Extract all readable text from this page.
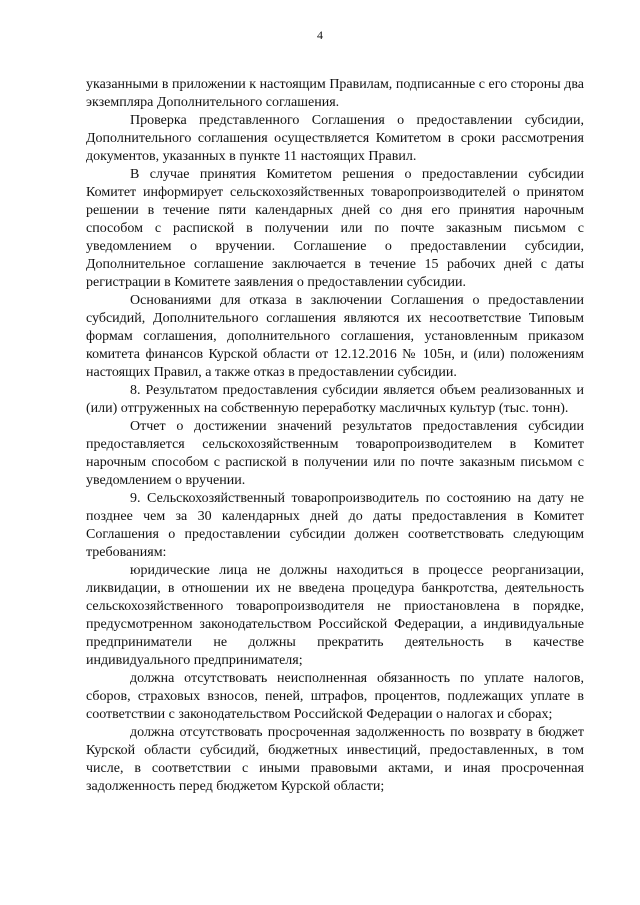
4

указанными в приложении к настоящим Правилам, подписанные с его стороны два экземпляра Дополнительного соглашения.

Проверка представленного Соглашения о предоставлении субсидии, Дополнительного соглашения осуществляется Комитетом в сроки рассмотрения документов, указанных в пункте 11 настоящих Правил.

В случае принятия Комитетом решения о предоставлении субсидии Комитет информирует сельскохозяйственных товаропроизводителей о принятом решении в течение пяти календарных дней со дня его принятия нарочным способом с распиской в получении или по почте заказным письмом с уведомлением о вручении. Соглашение о предоставлении субсидии, Дополнительное соглашение заключается в течение 15 рабочих дней с даты регистрации в Комитете заявления о предоставлении субсидии.

Основаниями для отказа в заключении Соглашения о предоставлении субсидий, Дополнительного соглашения являются их несоответствие Типовым формам соглашения, дополнительного соглашения, установленным приказом комитета финансов Курской области от 12.12.2016 № 105н, и (или) положениям настоящих Правил, а также отказ в предоставлении субсидии.

8. Результатом предоставления субсидии является объем реализованных и (или) отгруженных на собственную переработку масличных культур (тыс. тонн).

Отчет о достижении значений результатов предоставления субсидии предоставляется сельскохозяйственным товаропроизводителем в Комитет нарочным способом с распиской в получении или по почте заказным письмом с уведомлением о вручении.

9. Сельскохозяйственный товаропроизводитель по состоянию на дату не позднее чем за 30 календарных дней до даты предоставления в Комитет Соглашения о предоставлении субсидии должен соответствовать следующим требованиям:

юридические лица не должны находиться в процессе реорганизации, ликвидации, в отношении их не введена процедура банкротства, деятельность сельскохозяйственного товаропроизводителя не приостановлена в порядке, предусмотренном законодательством Российской Федерации, а индивидуальные предприниматели не должны прекратить деятельность в качестве индивидуального предпринимателя;

должна отсутствовать неисполненная обязанность по уплате налогов, сборов, страховых взносов, пеней, штрафов, процентов, подлежащих уплате в соответствии с законодательством Российской Федерации о налогах и сборах;

должна отсутствовать просроченная задолженность по возврату в бюджет Курской области субсидий, бюджетных инвестиций, предоставленных, в том числе, в соответствии с иными правовыми актами, и иная просроченная задолженность перед бюджетом Курской области;
